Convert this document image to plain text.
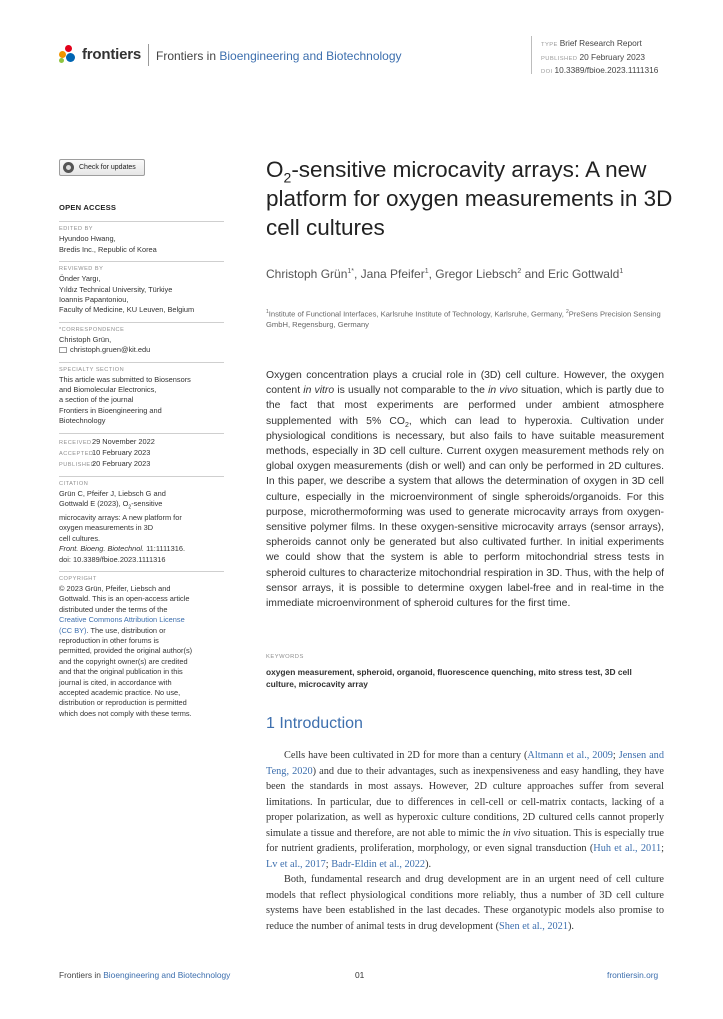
frontiers Frontiers in Bioengineering and Biotechnology
TYPE Brief Research Report
PUBLISHED 20 February 2023
DOI 10.3389/fbioe.2023.1111316
Check for updates
OPEN ACCESS
EDITED BY
Hyundoo Hwang,
Bredis Inc., Republic of Korea
REVIEWED BY
Önder Yargı,
Yıldız Technical University, Türkiye
Ioannis Papantoniou,
Faculty of Medicine, KU Leuven, Belgium
*CORRESPONDENCE
Christoph Grün,
christoph.gruen@kit.edu
SPECIALTY SECTION
This article was submitted to Biosensors
and Biomolecular Electronics,
a section of the journal
Frontiers in Bioengineering and
Biotechnology
RECEIVED29 November 2022
ACCEPTED10 February 2023
PUBLISHED20 February 2023
CITATION
Grün C, Pfeifer J, Liebsch G and
Gottwald E (2023), $O_2$-sensitive
microcavity arrays: A new platform for
oxygen measurements in 3D
cell cultures.
Front. Bioeng. Biotechnol. 11:1111316.
doi: 10.3389/fbioe.2023.1111316
COPYRIGHT
© 2023 Grün, Pfeifer, Liebsch and
Gottwald. This is an open-access article
distributed under the terms of the
Creative Commons Attribution License
(CC BY). The use, distribution or
reproduction in other forums is
permitted, provided the original author(s)
and the copyright owner(s) are credited
and that the original publication in this
journal is cited, in accordance with
accepted academic practice. No use,
distribution or reproduction is permitted
which does not comply with these terms.
$O_2$-sensitive microcavity arrays: A new platform for oxygen measurements in 3D cell cultures
Christoph Grün$^{1*}$, Jana Pfeifer$^1$, Gregor Liebsch$^2$ and Eric Gottwald$^1$
$^1$Institute of Functional Interfaces, Karlsruhe Institute of Technology, Karlsruhe, Germany, $^2$PreSens Precision Sensing GmbH, Regensburg, Germany
Oxygen concentration plays a crucial role in (3D) cell culture. However, the oxygen content in vitro is usually not comparable to the in vivo situation, which is partly due to the fact that most experiments are performed under ambient atmosphere supplemented with 5% $CO_2$, which can lead to hyperoxia. Cultivation under physiological conditions is necessary, but also fails to have suitable measurement methods, especially in 3D cell culture. Current oxygen measurement methods rely on global oxygen measurements (dish or well) and can only be performed in 2D cultures. In this paper, we describe a system that allows the determination of oxygen in 3D cell culture, especially in the microenvironment of single spheroids/organoids. For this purpose, microthermoforming was used to generate microcavity arrays from oxygen-sensitive polymer films. In these oxygen-sensitive microcavity arrays (sensor arrays), spheroids cannot only be generated but also cultivated further. In initial experiments we could show that the system is able to perform mitochondrial stress tests in spheroid cultures to characterize mitochondrial respiration in 3D. Thus, with the help of sensor arrays, it is possible to determine oxygen label-free and in real-time in the immediate microenvironment of spheroid cultures for the first time.
KEYWORDS
oxygen measurement, spheroid, organoid, fluorescence quenching, mito stress test, 3D cell culture, microcavity array
1 Introduction

Cells have been cultivated in 2D for more than a century (Altmann et al., 2009; Jensen and Teng, 2020) and due to their advantages, such as inexpensiveness and easy handling, they have been the standards in most assays. However, 2D culture approaches suffer from several limitations. In particular, due to differences in cell-cell or cell-matrix contacts, lacking of a proper polarization, as well as hyperoxic culture conditions, 2D cultured cells cannot properly simulate a tissue and therefore, are not able to mimic the in vivo situation. This is especially true for nutrient gradients, proliferation, morphology, or even signal transduction (Huh et al., 2011; Lv et al., 2017; Badr-Eldin et al., 2022).

Both, fundamental research and drug development are in an urgent need of cell culture models that reflect physiological conditions more reliably, thus a number of 3D cell culture systems have been established in the last decades. These organotypic models also promise to reduce the number of animal tests in drug development (Shen et al., 2021).

Frontiers in Bioengineering and Biotechnology	01	frontiersin.org
